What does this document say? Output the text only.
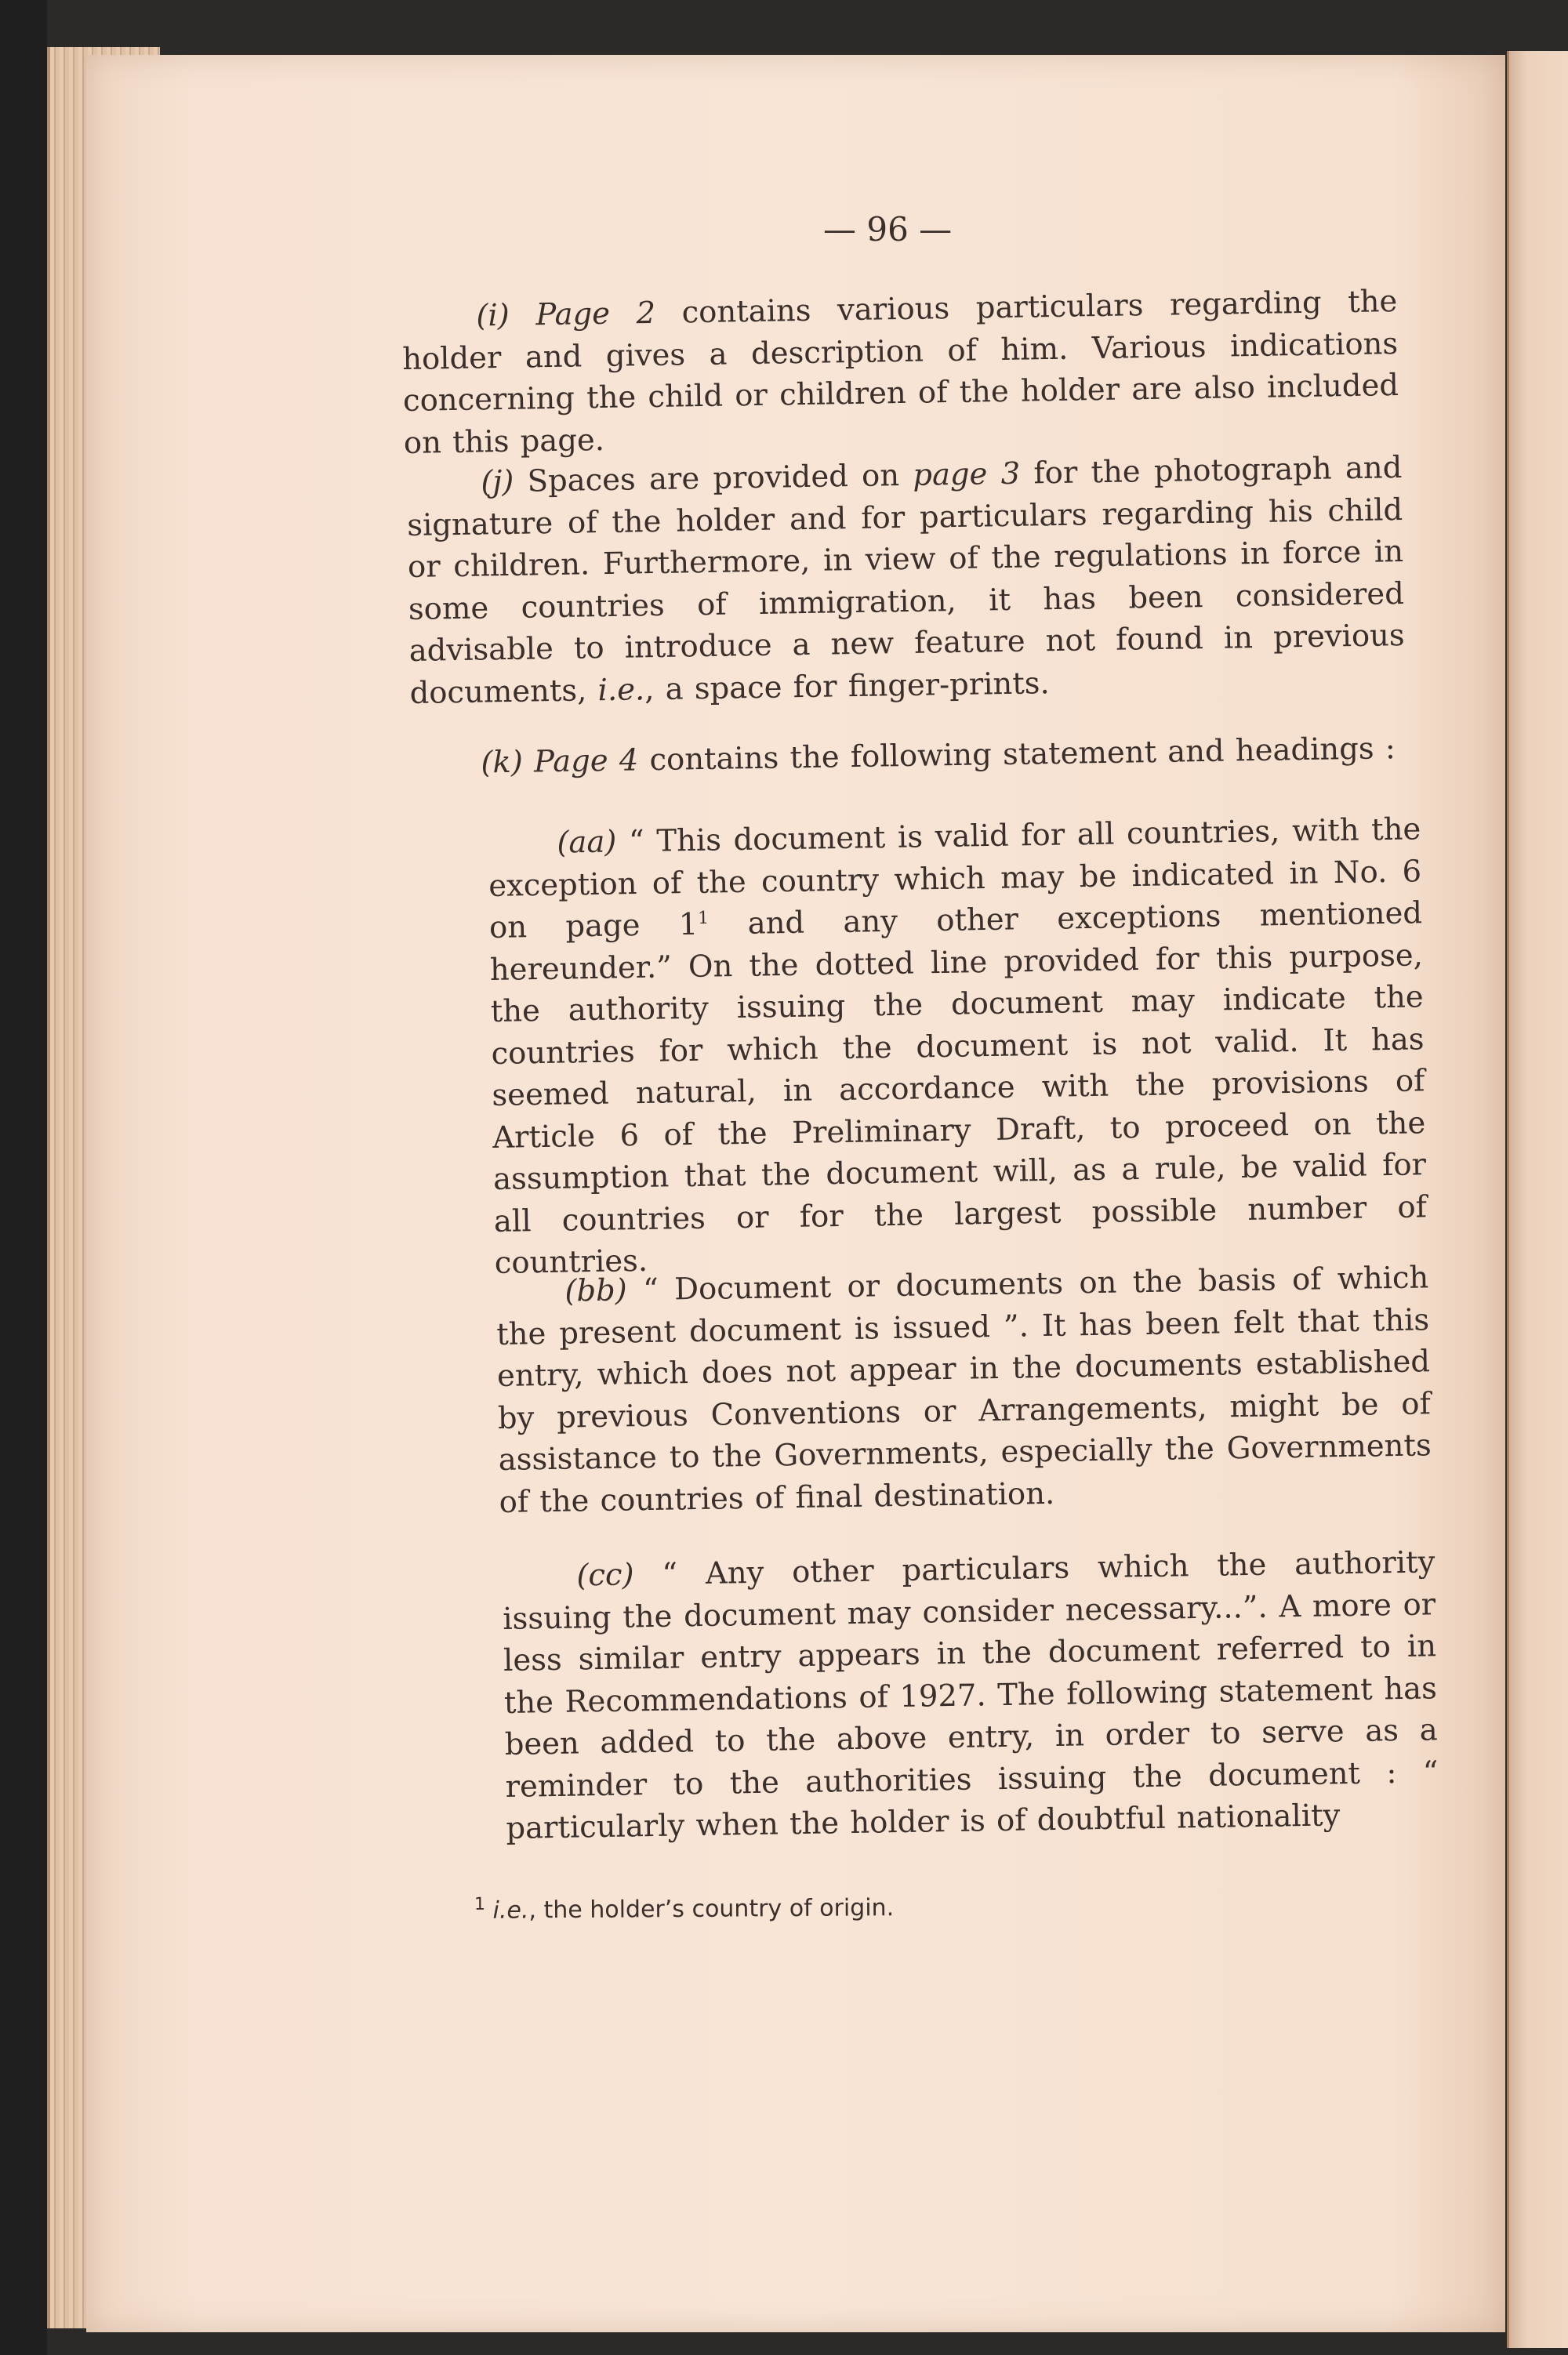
— 96 —
(i) Page 2 contains various particulars regarding the holder and gives a description of him. Various indications concerning the child or children of the holder are also included on this page.
(j) Spaces are provided on page 3 for the photograph and signature of the holder and for particulars regarding his child or children. Furthermore, in view of the regulations in force in some countries of immigration, it has been considered advisable to introduce a new feature not found in previous documents, i.e., a space for finger-prints.
(k) Page 4 contains the following statement and headings :
(aa) “ This document is valid for all countries, with the exception of the country which may be indicated in No. 6 on page $1^1$ and any other exceptions mentioned hereunder.” On the dotted line provided for this purpose, the authority issuing the document may indicate the countries for which the document is not valid. It has seemed natural, in accordance with the provisions of Article 6 of the Preliminary Draft, to proceed on the assumption that the document will, as a rule, be valid for all countries or for the largest possible number of countries.
(bb) “ Document or documents on the basis of which the present document is issued ”. It has been felt that this entry, which does not appear in the documents established by previous Conventions or Arrangements, might be of assistance to the Governments, especially the Governments of the countries of final destination.
(cc) “ Any other particulars which the authority issuing the document may consider necessary...”. A more or less similar entry appears in the document referred to in the Recommendations of 1927. The following statement has been added to the above entry, in order to serve as a reminder to the authorities issuing the document : “ particularly when the holder is of doubtful nationality
$^1$ i.e., the holder’s country of origin.
